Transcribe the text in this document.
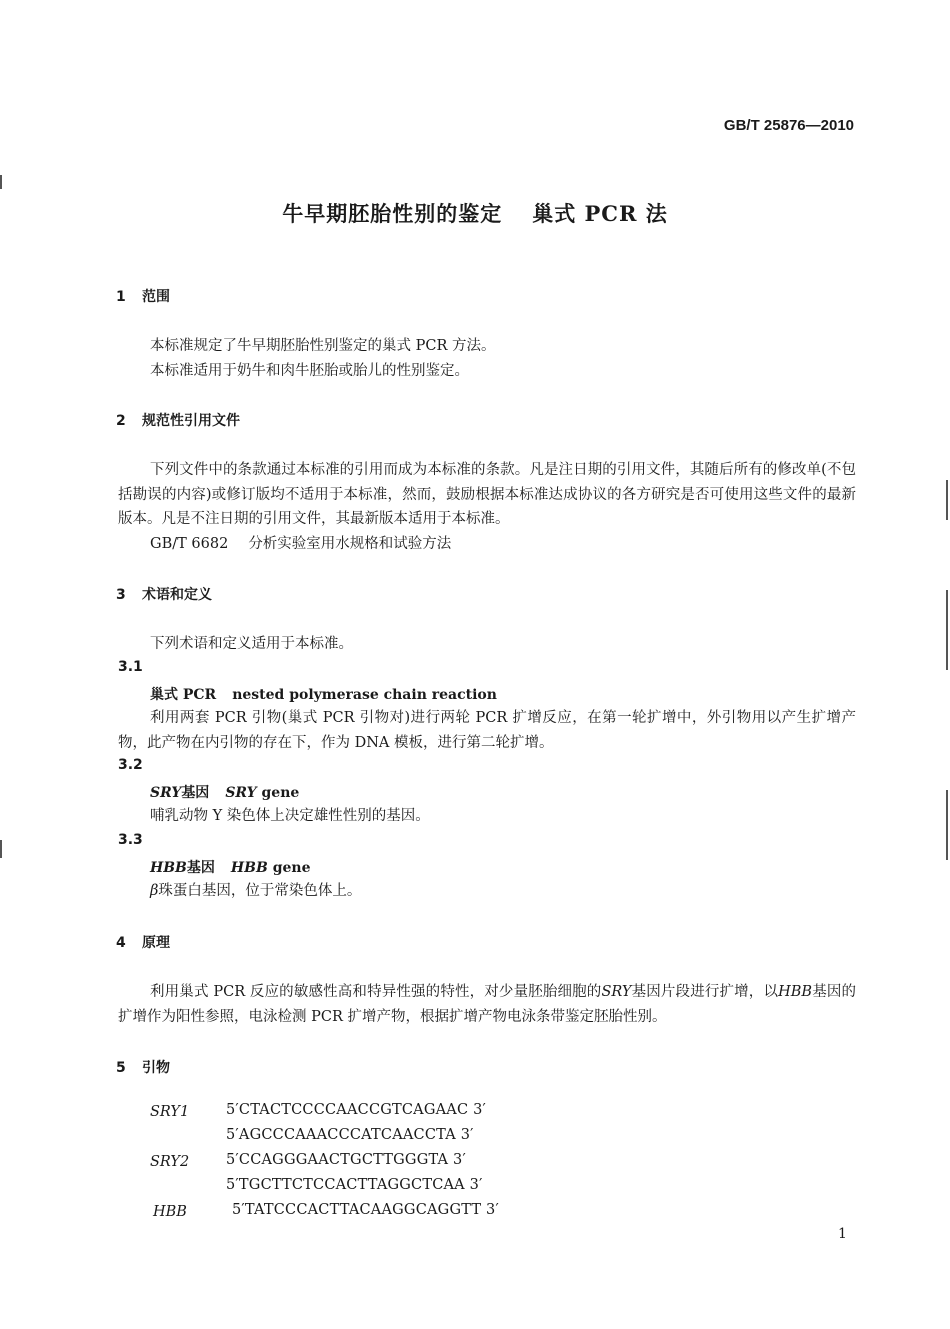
GB/T 25876—2010
牛早期胚胎性别的鉴定 巢式 PCR 法
1 范围
本标准规定了牛早期胚胎性别鉴定的巢式 PCR 方法。
本标准适用于奶牛和肉牛胚胎或胎儿的性别鉴定。
2 规范性引用文件
下列文件中的条款通过本标准的引用而成为本标准的条款。凡是注日期的引用文件，其随后所有的修改单(不包括勘误的内容)或修订版均不适用于本标准，然而，鼓励根据本标准达成协议的各方研究是否可使用这些文件的最新版本。凡是不注日期的引用文件，其最新版本适用于本标准。
GB/T 6682 分析实验室用水规格和试验方法
3 术语和定义
下列术语和定义适用于本标准。
3.1
巢式 PCR nested polymerase chain reaction
利用两套 PCR 引物(巢式 PCR 引物对)进行两轮 PCR 扩增反应，在第一轮扩增中，外引物用以产生扩增产物，此产物在内引物的存在下，作为 DNA 模板，进行第二轮扩增。
3.2
SRY基因 SRY gene
哺乳动物 Y 染色体上决定雄性性别的基因。
3.3
HBB基因 HBB gene
β珠蛋白基因，位于常染色体上。
4 原理
利用巢式 PCR 反应的敏感性高和特异性强的特性，对少量胚胎细胞的SRY基因片段进行扩增，以HBB基因的扩增作为阳性参照，电泳检测 PCR 扩增产物，根据扩增产物电泳条带鉴定胚胎性别。
5 引物
SRY1	5′CTACTCCCCAACCGTCAGAAC 3′
5′AGCCCAAACCCATCAACCTA 3′
SRY2	5′CCAGGGAACTGCTTGGGTA 3′
5′TGCTTCTCCACTTAGGCTCAA 3′
HBB	5′TATCCCACTTACAAGGCAGGTT 3′
1
